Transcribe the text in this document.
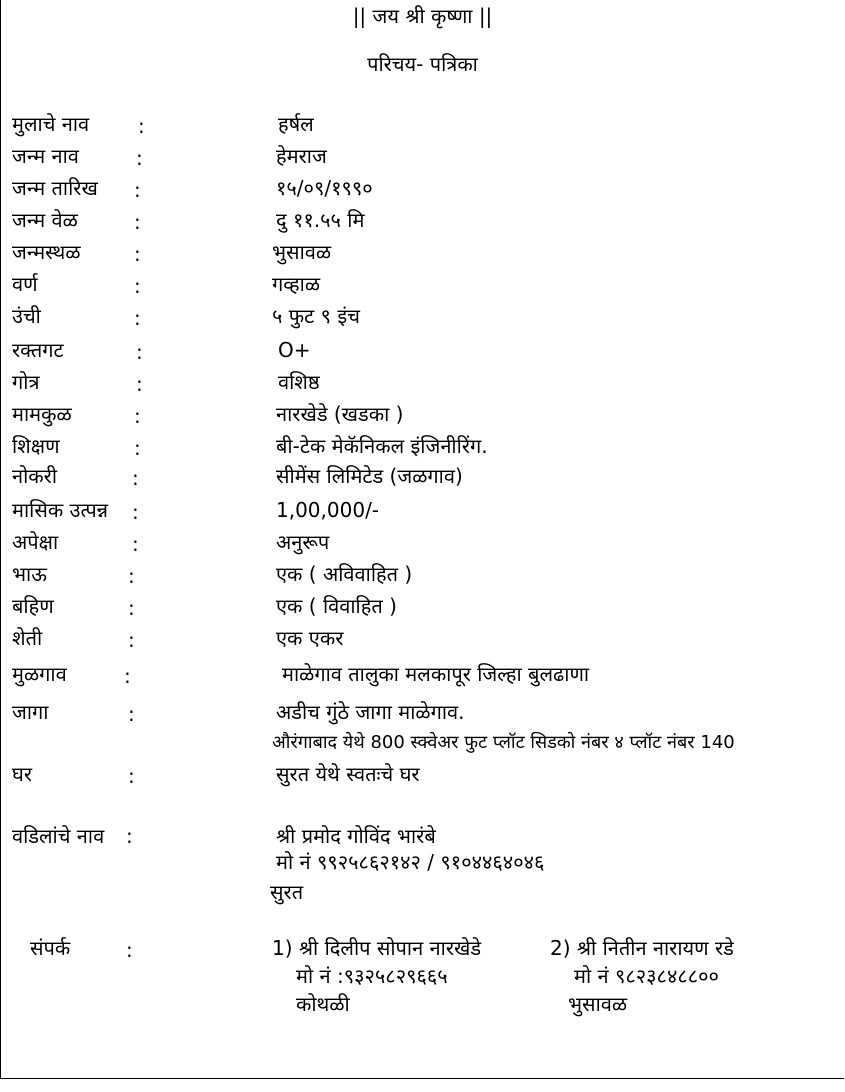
|| जय श्री कृष्णा ||
परिचय- पत्रिका
मुलाचे नाव :	हर्षल
जन्म नाव	:	हेमराज
जन्म तारिख :	१५/०९/१९९०
जन्म वेळ	:	दु ११.५५ मि
जन्मस्थळ	:	भुसावळ
वर्ण	:	गव्हाळ
उंची	:	५ फुट ९ इंच
रक्तगट	:	O+
गोत्र	:	वशिष्ठ
मामकुळ	:	नारखेडे (खडका )
शिक्षण	:	बी-टेक मेकॅनिकल इंजिनीरिंग.
नोकरी	:	सीमेंस लिमिटेड (जळगाव)
मासिक उत्पन्न :	1,00,000/-
अपेक्षा	:	अनुरूप
भाऊ	:	एक ( अविवाहित )
बहिण	:	एक ( विवाहित )
शेती	:	एक एकर
मुळगाव	:	माळेगाव तालुका मलकापूर जिल्हा बुलढाणा
जागा	:	अडीच गुंठे जागा माळेगाव.
औरंगाबाद येथे 800 स्क्वेअर फुट प्लॉट सिडको नंबर ४ प्लॉट नंबर 140
घर	:	सुरत येथे स्वतःचे घर
वडिलांचे नाव :	श्री प्रमोद गोविंद भारंबे
मो नं ९९२५८६२१४२ / ९१०४४६४०४६
सुरत
संपर्क	:	1) श्री दिलीप सोपान नारखेडे
मो नं :९३२५८२९६६५
कोथळी
2) श्री नितीन नारायण रडे
मो नं ९८२३८४८८००
भुसावळ
